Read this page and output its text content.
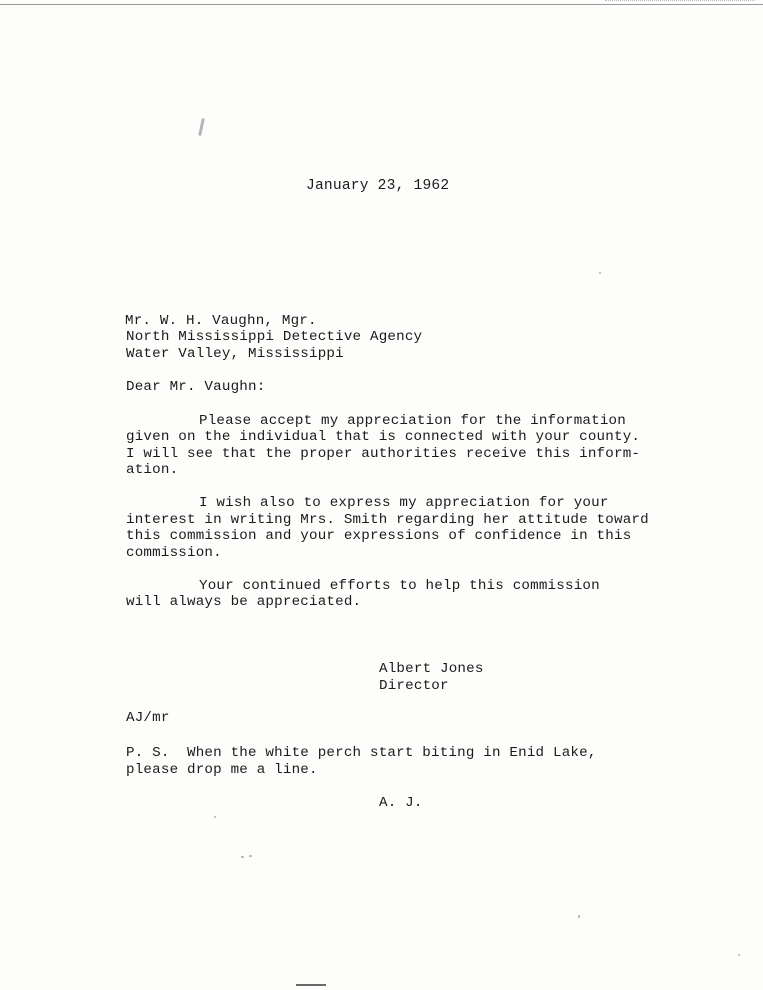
January 23, 1962
Mr. W. H. Vaughn, Mgr.
North Mississippi Detective Agency
Water Valley, Mississippi
Dear Mr. Vaughn:
Please accept my appreciation for the information
given on the individual that is connected with your county.
I will see that the proper authorities receive this inform-
ation.
I wish also to express my appreciation for your
interest in writing Mrs. Smith regarding her attitude toward
this commission and your expressions of confidence in this
commission.
Your continued efforts to help this commission
will always be appreciated.
Albert Jones
Director
AJ/mr
P. S.  When the white perch start biting in Enid Lake,
please drop me a line.
A. J.
